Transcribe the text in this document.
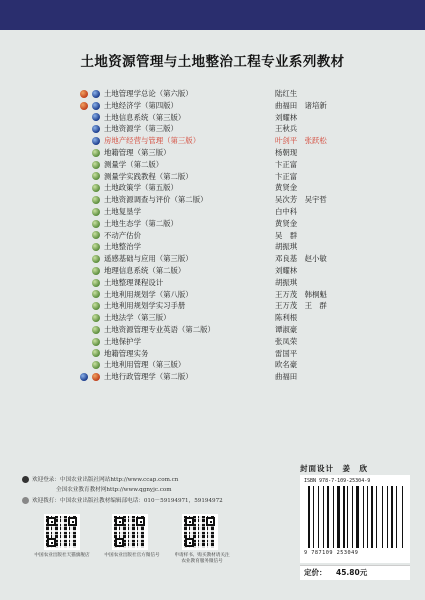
土地资源管理与土地整治工程专业系列教材
土地管理学总论（第六版）	陆红生
土地经济学（第四版）	曲福田　诸培新
土地信息系统（第三版）	刘耀林
土地资源学（第三版）	王秋兵
房地产经营与管理（第三版）	叶剑平　张跃松
地籍管理（第三版）	杨朝现
测量学（第二版）	卞正富
测量学实践教程（第二版）	卞正富
土地政策学（第五版）	黄贤金
土地资源调查与评价（第二版）	吴次芳　吴宇哲
土地复垦学	白中科
土地生态学（第二版）	黄贤金
不动产估价	吴　群
土地整治学	胡振琪
遥感基础与应用（第三版）	邓良基　赵小敏
地理信息系统（第二版）	刘耀林
土地整理课程设计	胡振琪
土地利用规划学（第八版）	王万茂　韩桐魁
土地利用规划学实习手册	王万茂　王　群
土地法学（第三版）	陈利根
土地资源管理专业英语（第二版）	谭淑豪
土地保护学	张凤荣
地籍管理实务	雷国平
土地利用管理（第三版）	欧名豪
土地行政管理学（第二版）	曲福田
欢迎登录：中国农业出版社网站http://www.ccap.com.cn
全国农业教育教材网http://www.qgnyjc.com
欢迎拨打：中国农业出版社教材编辑部电话：010－59194971，59194972
中国农业出版社天猫旗舰店	中国农业出版社官方微信号	申请样书、购买教材请关注
农业教育服务微信号
封面设计　姜　欣
ISBN 978-7-109-25304-9
9 787109 253049
定价： 45.80元
